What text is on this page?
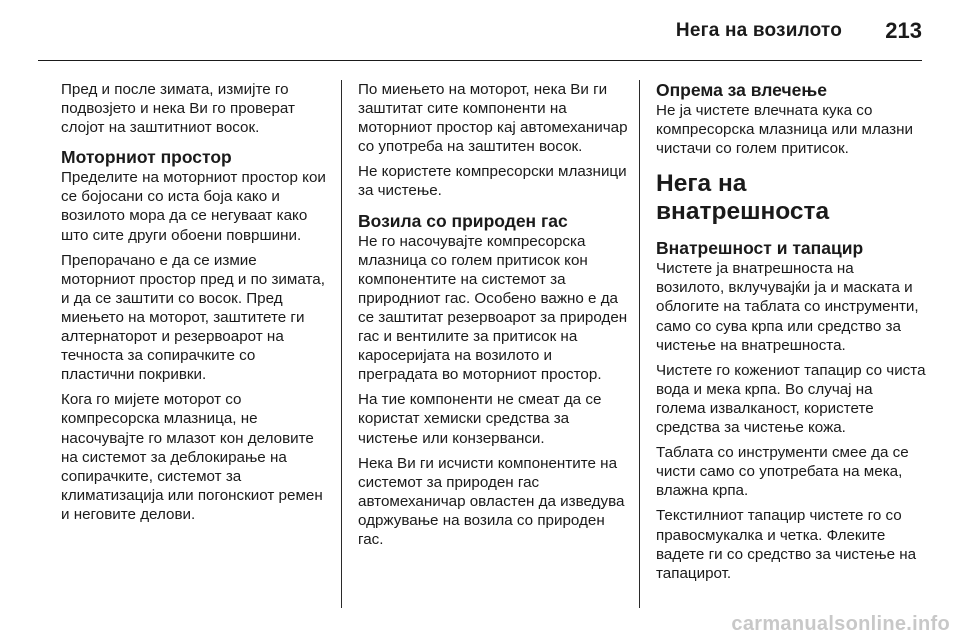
Нега на возилото 213

Пред и после зимата, измијте го подвозјето и нека Ви го проверат слојот на заштитниот восок.

Моторниот простор

Пределите на моторниот простор кои се бојосани со иста боја како и возилото мора да се негуваат како што сите други обоени површини.

Препорачано е да се измие моторниот простор пред и по зимата, и да се заштити со восок. Пред миењето на моторот, заштитете ги алтернаторот и резервоарот на течноста за сопирачките со пластични покривки.

Кога го мијете моторот со компресорска млазница, не насочувајте го млазот кон деловите на системот за деблокирање на сопирачките, системот за климатизација или погонскиот ремен и неговите делови.

По миењето на моторот, нека Ви ги заштитат сите компоненти на моторниот простор кај автомеханичар со употреба на заштитен восок.

Не користете компресорски млазници за чистење.

Возила со природен гас

Не го насочувајте компресорска млазница со голем притисок кон компонентите на системот за природниот гас. Особено важно е да се заштитат резервоарот за природен гас и вентилите за притисок на каросеријата на возилото и преградата во моторниот простор.

На тие компоненти не смеат да се користат хемиски средства за чистење или конзерванси.

Нека Ви ги исчисти компонентите на системот за природен гас автомеханичар овластен да изведува одржување на возила со природен гас.

Опрема за влечење

Не ја чистете влечната кука со компресорска млазница или млазни чистачи со голем притисок.

Нега на внатрешноста
Внатрешност и тапацир

Чистете ја внатрешноста на возилото, вклучувајќи ја и маската и облогите на таблата со инструменти, само со сува крпа или средство за чистење на внатрешноста.

Чистете го кожениот тапацир со чиста вода и мека крпа. Во случај на голема извалканост, користете средства за чистење кожа.

Таблата со инструменти смее да се чисти само со употребата на мека, влажна крпа.

Текстилниот тапацир чистете го со правосмукалка и четка. Флеките вадете ги со средство за чистење на тапацирот.

carmanualsonline.info
